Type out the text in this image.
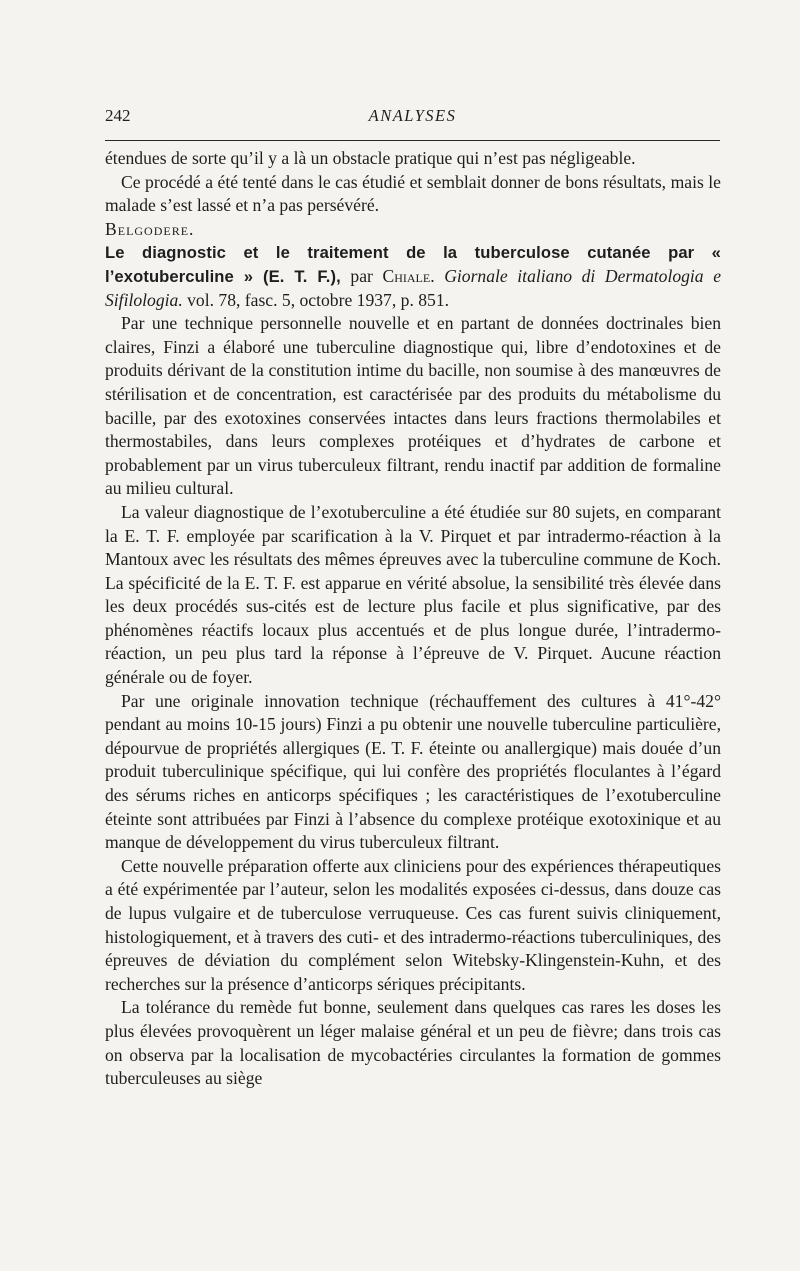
242	ANALYSES

étendues de sorte qu’il y a là un obstacle pratique qui n’est pas négligeable.

Ce procédé a été tenté dans le cas étudié et semblait donner de bons résultats, mais le malade s’est lassé et n’a pas persévéré.

Belgodere.

Le diagnostic et le traitement de la tuberculose cutanée par « l’exotuberculine » (E. T. F.), par Chiale. Giornale italiano di Dermatologia e Sifilologia. vol. 78, fasc. 5, octobre 1937, p. 851.

Par une technique personnelle nouvelle et en partant de données doctrinales bien claires, Finzi a élaboré une tuberculine diagnostique qui, libre d’endotoxines et de produits dérivant de la constitution intime du bacille, non soumise à des manœuvres de stérilisation et de concentration, est caractérisée par des produits du métabolisme du bacille, par des exotoxines conservées intactes dans leurs fractions thermolabiles et thermostabiles, dans leurs complexes protéiques et d’hydrates de carbone et probablement par un virus tuberculeux filtrant, rendu inactif par addition de formaline au milieu cultural.

La valeur diagnostique de l’exotuberculine a été étudiée sur 80 sujets, en comparant la E. T. F. employée par scarification à la V. Pirquet et par intradermo-réaction à la Mantoux avec les résultats des mêmes épreuves avec la tuberculine commune de Koch. La spécificité de la E. T. F. est apparue en vérité absolue, la sensibilité très élevée dans les deux procédés sus-cités est de lecture plus facile et plus significative, par des phénomènes réactifs locaux plus accentués et de plus longue durée, l’intradermo-réaction, un peu plus tard la réponse à l’épreuve de V. Pirquet. Aucune réaction générale ou de foyer.

Par une originale innovation technique (réchauffement des cultures à 41°-42° pendant au moins 10-15 jours) Finzi a pu obtenir une nouvelle tuberculine particulière, dépourvue de propriétés allergiques (E. T. F. éteinte ou anallergique) mais douée d’un produit tuberculinique spécifique, qui lui confère des propriétés floculantes à l’égard des sérums riches en anticorps spécifiques ; les caractéristiques de l’exotuberculine éteinte sont attribuées par Finzi à l’absence du complexe protéique exotoxinique et au manque de développement du virus tuberculeux filtrant.

Cette nouvelle préparation offerte aux cliniciens pour des expériences thérapeutiques a été expérimentée par l’auteur, selon les modalités exposées ci-dessus, dans douze cas de lupus vulgaire et de tuberculose verruqueuse. Ces cas furent suivis cliniquement, histologiquement, et à travers des cuti- et des intradermo-réactions tuberculiniques, des épreuves de déviation du complément selon Witebsky-Klingenstein-Kuhn, et des recherches sur la présence d’anticorps sériques précipitants.

La tolérance du remède fut bonne, seulement dans quelques cas rares les doses les plus élevées provoquèrent un léger malaise général et un peu de fièvre; dans trois cas on observa par la localisation de mycobactéries circulantes la formation de gommes tuberculeuses au siège
